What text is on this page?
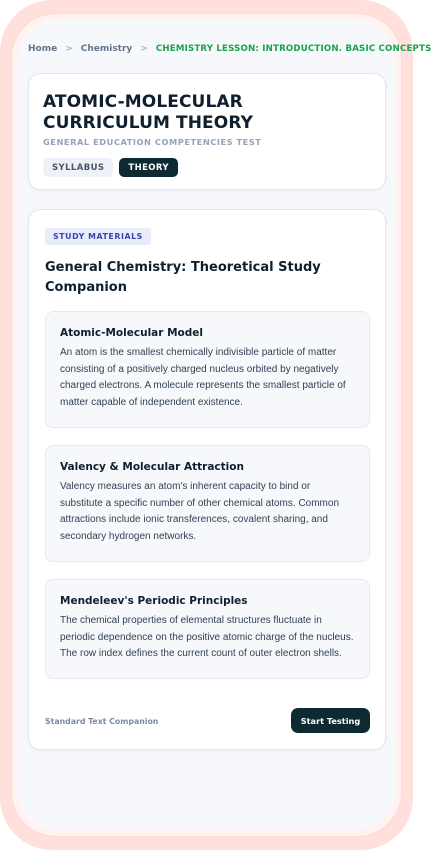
Home > Chemistry > CHEMISTRY LESSON: INTRODUCTION. BASIC CONCEPTS
ATOMIC-MOLECULAR CURRICULUM THEORY
GENERAL EDUCATION COMPETENCIES TEST
SYLLABUS	THEORY
STUDY MATERIALS
General Chemistry: Theoretical Study Companion
Atomic-Molecular Model

An atom is the smallest chemically indivisible particle of matter consisting of a positively charged nucleus orbited by negatively charged electrons. A molecule represents the smallest particle of matter capable of independent existence.

Valency & Molecular Attraction

Valency measures an atom's inherent capacity to bind or substitute a specific number of other chemical atoms. Common attractions include ionic transferences, covalent sharing, and secondary hydrogen networks.

Mendeleev's Periodic Principles

The chemical properties of elemental structures fluctuate in periodic dependence on the positive atomic charge of the nucleus. The row index defines the current count of outer electron shells.

Standard Text Companion	Start Testing
